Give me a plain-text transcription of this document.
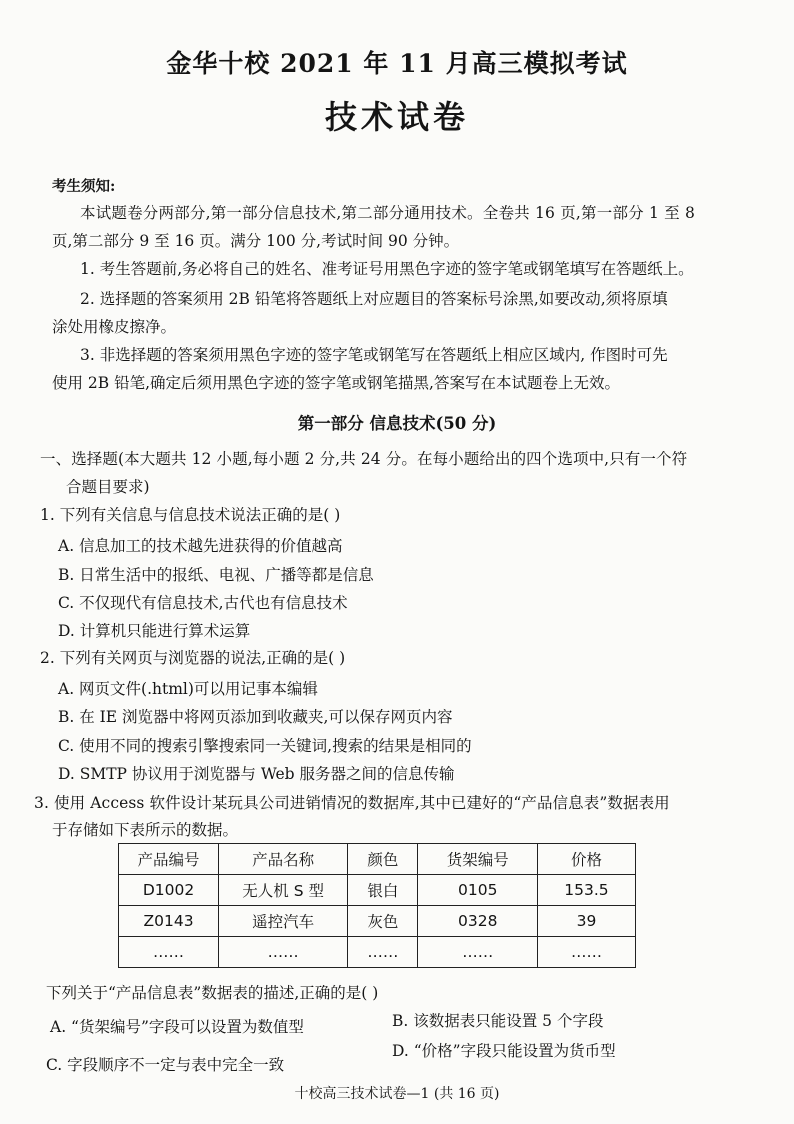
金华十校 2021 年 11 月高三模拟考试
技术试卷
考生须知:
本试题卷分两部分,第一部分信息技术,第二部分通用技术。全卷共 16 页,第一部分 1 至 8
页,第二部分 9 至 16 页。满分 100 分,考试时间 90 分钟。
1. 考生答题前,务必将自己的姓名、准考证号用黑色字迹的签字笔或钢笔填写在答题纸上。
2. 选择题的答案须用 2B 铅笔将答题纸上对应题目的答案标号涂黑,如要改动,须将原填
涂处用橡皮擦净。
3. 非选择题的答案须用黑色字迹的签字笔或钢笔写在答题纸上相应区域内, 作图时可先
使用 2B 铅笔,确定后须用黑色字迹的签字笔或钢笔描黑,答案写在本试题卷上无效。
第一部分 信息技术(50 分)
一、选择题(本大题共 12 小题,每小题 2 分,共 24 分。在每小题给出的四个选项中,只有一个符
合题目要求)
1. 下列有关信息与信息技术说法正确的是( )
A. 信息加工的技术越先进获得的价值越高
B. 日常生活中的报纸、电视、广播等都是信息
C. 不仅现代有信息技术,古代也有信息技术
D. 计算机只能进行算术运算
2. 下列有关网页与浏览器的说法,正确的是( )
A. 网页文件(.html)可以用记事本编辑
B. 在 IE 浏览器中将网页添加到收藏夹,可以保存网页内容
C. 使用不同的搜索引擎搜索同一关键词,搜索的结果是相同的
D. SMTP 协议用于浏览器与 Web 服务器之间的信息传输
3. 使用 Access 软件设计某玩具公司进销情况的数据库,其中已建好的“产品信息表”数据表用
于存储如下表所示的数据。
产品编号	产品名称	颜色	货架编号	价格
D1002	无人机 S 型	银白	0105	153.5
Z0143	遥控汽车	灰色	0328	39
……	……	……	……	……
下列关于“产品信息表”数据表的描述,正确的是( )
A. “货架编号”字段可以设置为数值型	B. 该数据表只能设置 5 个字段
C. 字段顺序不一定与表中完全一致
D. “价格”字段只能设置为货币型
十校高三技术试卷—1 (共 16 页)
